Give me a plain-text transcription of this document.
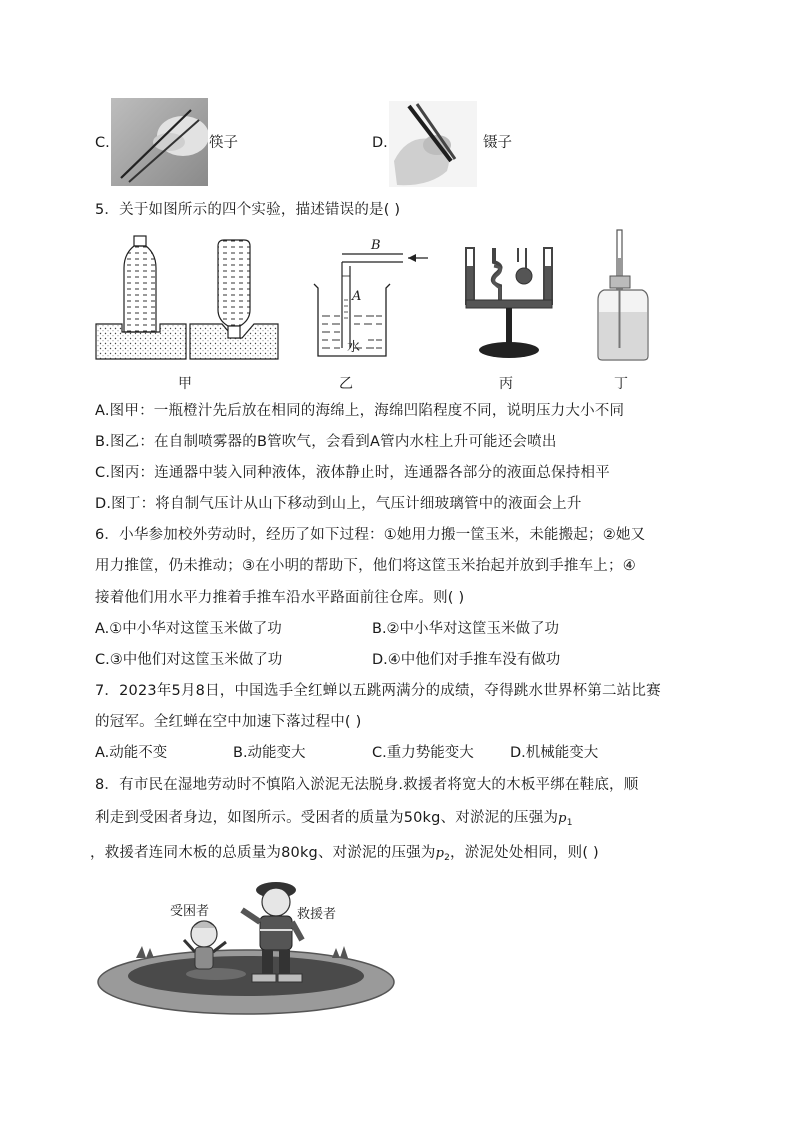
C.	筷子	D.	镊子
5．关于如图所示的四个实验，描述错误的是( )
甲
B
A
水
乙	丙	丁
A.图甲：一瓶橙汁先后放在相同的海绵上，海绵凹陷程度不同，说明压力大小不同
B.图乙：在自制喷雾器的B管吹气，会看到A管内水柱上升可能还会喷出
C.图丙：连通器中装入同种液体，液体静止时，连通器各部分的液面总保持相平
D.图丁：将自制气压计从山下移动到山上，气压计细玻璃管中的液面会上升
6．小华参加校外劳动时，经历了如下过程：①她用力搬一筐玉米，未能搬起；②她又
用力推筐，仍未推动；③在小明的帮助下，他们将这筐玉米抬起并放到手推车上；④
接着他们用水平力推着手推车沿水平路面前往仓库。则( )
A.①中小华对这筐玉米做了功	B.②中小华对这筐玉米做了功
C.③中他们对这筐玉米做了功	D.④中他们对手推车没有做功
7．2023年5月8日，中国选手全红蝉以五跳两满分的成绩，夺得跳水世界杯第二站比赛
的冠军。全红蝉在空中加速下落过程中( )
A.动能不变	B.动能变大	C.重力势能变大	D.机械能变大
8．有市民在湿地劳动时不慎陷入淤泥无法脱身.救援者将宽大的木板平绑在鞋底，顺
利走到受困者身边，如图所示。受困者的质量为50kg、对淤泥的压强为$p_1$
，救援者连同木板的总质量为80kg、对淤泥的压强为$p_2$，淤泥处处相同，则( )
受困者	救援者
